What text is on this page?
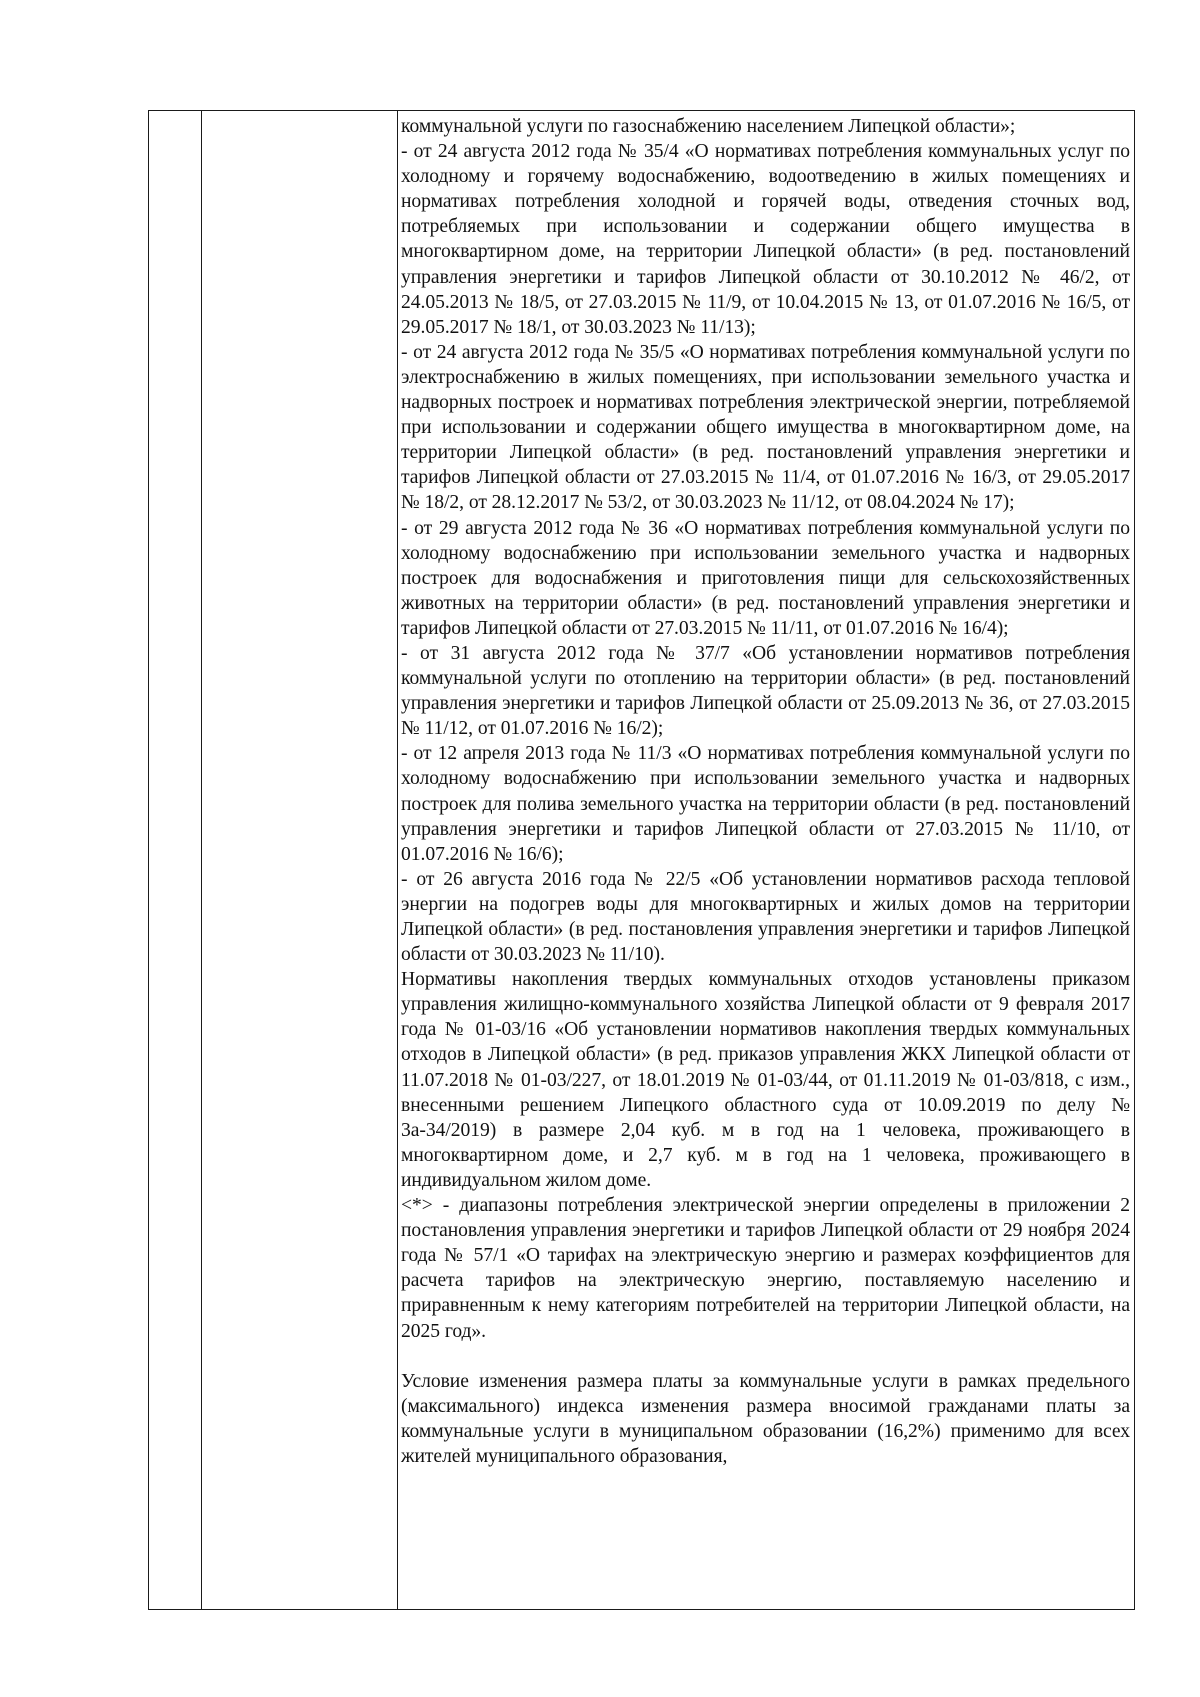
коммунальной услуги по газоснабжению населением Липецкой области»;

- от 24 августа 2012 года № 35/4 «О нормативах потребления коммунальных услуг по холодному и горячему водоснабжению, водоотведению в жилых помещениях и нормативах потребления холодной и горячей воды, отведения сточных вод, потребляемых при использовании и содержании общего имущества в многоквартирном доме, на территории Липецкой области» (в ред. постановлений управления энергетики и тарифов Липецкой области от 30.10.2012 № 46/2, от 24.05.2013 № 18/5, от 27.03.2015 № 11/9, от 10.04.2015 № 13, от 01.07.2016 № 16/5, от 29.05.2017 № 18/1, от 30.03.2023 № 11/13);

- от 24 августа 2012 года № 35/5 «О нормативах потребления коммунальной услуги по электроснабжению в жилых помещениях, при использовании земельного участка и надворных построек и нормативах потребления электрической энергии, потребляемой при использовании и содержании общего имущества в многоквартирном доме, на территории Липецкой области» (в ред. постановлений управления энергетики и тарифов Липецкой области от 27.03.2015 № 11/4, от 01.07.2016 № 16/3, от 29.05.2017 № 18/2, от 28.12.2017 № 53/2, от 30.03.2023 № 11/12, от 08.04.2024 № 17);

- от 29 августа 2012 года № 36 «О нормативах потребления коммунальной услуги по холодному водоснабжению при использовании земельного участка и надворных построек для водоснабжения и приготовления пищи для сельскохозяйственных животных на территории области» (в ред. постановлений управления энергетики и тарифов Липецкой области от 27.03.2015 № 11/11, от 01.07.2016 № 16/4);

- от 31 августа 2012 года № 37/7 «Об установлении нормативов потребления коммунальной услуги по отоплению на территории области» (в ред. постановлений управления энергетики и тарифов Липецкой области от 25.09.2013 № 36, от 27.03.2015 № 11/12, от 01.07.2016 № 16/2);

- от 12 апреля 2013 года № 11/3 «О нормативах потребления коммунальной услуги по холодному водоснабжению при использовании земельного участка и надворных построек для полива земельного участка на территории области (в ред. постановлений управления энергетики и тарифов Липецкой области от 27.03.2015 № 11/10, от 01.07.2016 № 16/6);

- от 26 августа 2016 года № 22/5 «Об установлении нормативов расхода тепловой энергии на подогрев воды для многоквартирных и жилых домов на территории Липецкой области» (в ред. постановления управления энергетики и тарифов Липецкой области от 30.03.2023 № 11/10).

Нормативы накопления твердых коммунальных отходов установлены приказом управления жилищно-коммунального хозяйства Липецкой области от 9 февраля 2017 года № 01-03/16 «Об установлении нормативов накопления твердых коммунальных отходов в Липецкой области» (в ред. приказов управления ЖКХ Липецкой области от 11.07.2018 № 01-03/227, от 18.01.2019 № 01-03/44, от 01.11.2019 № 01-03/818, с изм., внесенными решением Липецкого областного суда от 10.09.2019 по делу № 3а-34/2019) в размере 2,04 куб. м в год на 1 человека, проживающего в многоквартирном доме, и 2,7 куб. м в год на 1 человека, проживающего в индивидуальном жилом доме.

<*> - диапазоны потребления электрической энергии определены в приложении 2 постановления управления энергетики и тарифов Липецкой области от 29 ноября 2024 года № 57/1 «О тарифах на электрическую энергию и размерах коэффициентов для расчета тарифов на электрическую энергию, поставляемую населению и приравненным к нему категориям потребителей на территории Липецкой области, на 2025 год».

Условие изменения размера платы за коммунальные услуги в рамках предельного (максимального) индекса изменения размера вносимой гражданами платы за коммунальные услуги в муниципальном образовании (16,2%) применимо для всех жителей муниципального образования,
